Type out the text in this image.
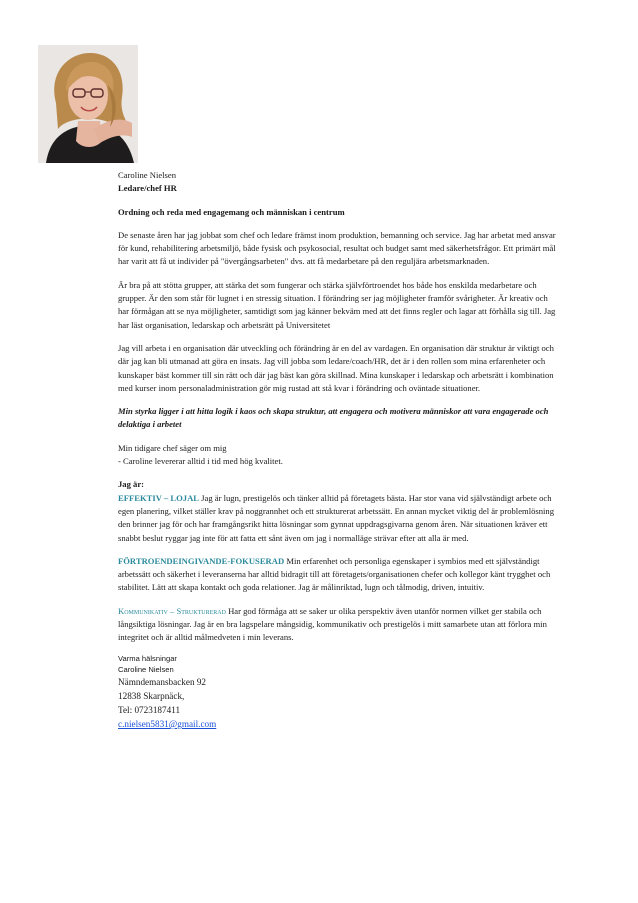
Caroline Nielsen

Ledare/chef HR

Ordning och reda med engagemang och människan i centrum

De senaste åren har jag jobbat som chef och ledare främst inom produktion, bemanning och service. Jag har arbetat med ansvar för kund, rehabilitering arbetsmiljö, både fysisk och psykosocial, resultat och budget samt med säkerhetsfrågor. Ett primärt mål har varit att få ut individer på "övergångsarbeten" dvs. att få medarbetare på den reguljära arbetsmarknaden.

Är bra på att stötta grupper, att stärka det som fungerar och stärka självförtroendet hos både hos enskilda medarbetare och grupper. Är den som står för lugnet i en stressig situation. I förändring ser jag möjligheter framför svårigheter. Är kreativ och har förmågan att se nya möjligheter, samtidigt som jag känner bekväm med att det finns regler och lagar att förhålla sig till. Jag har läst organisation, ledarskap och arbetsrätt på Universitetet

Jag vill arbeta i en organisation där utveckling och förändring är en del av vardagen. En organisation där struktur är viktigt och där jag kan bli utmanad att göra en insats. Jag vill jobba som ledare/coach/HR, det är i den rollen som mina erfarenheter och kunskaper bäst kommer till sin rätt och där jag bäst kan göra skillnad. Mina kunskaper i ledarskap och arbetsrätt i kombination med kurser inom personaladministration gör mig rustad att stå kvar i förändring och oväntade situationer.

Min styrka ligger i att hitta logik i kaos och skapa struktur, att engagera och motivera människor att vara engagerade och delaktiga i arbetet

Min tidigare chef säger om mig

- Caroline levererar alltid i tid med hög kvalitet.

Jag är:

EFFEKTIV – LOJAL Jag är lugn, prestigelös och tänker alltid på företagets bästa. Har stor vana vid självständigt arbete och egen planering, vilket ställer krav på noggrannhet och ett strukturerat arbetssätt. En annan mycket viktig del är problemlösning den brinner jag för och har framgångsrikt hitta lösningar som gynnat uppdragsgivarna genom åren. När situationen kräver ett snabbt beslut ryggar jag inte för att fatta ett sånt även om jag i normalläge strävar efter att alla är med.

FÖRTROENDEINGIVANDE-FOKUSERAD Min erfarenhet och personliga egenskaper i symbios med ett självständigt arbetssätt och säkerhet i leveranserna har alltid bidragit till att företagets/organisationen chefer och kollegor känt trygghet och stabilitet. Lätt att skapa kontakt och goda relationer. Jag är målinriktad, lugn och tålmodig, driven, intuitiv.

Kommunikativ – Strukturerad Har god förmåga att se saker ur olika perspektiv även utanför normen vilket ger stabila och långsiktiga lösningar. Jag är en bra lagspelare mångsidig, kommunikativ och prestigelös i mitt samarbete utan att förlora min integritet och är alltid målmedveten i min leverans.

Varma hälsningar

Caroline Nielsen

Nämndemansbacken 92

12838 Skarpnäck,

Tel: 0723187411

c.nielsen5831@gmail.com
